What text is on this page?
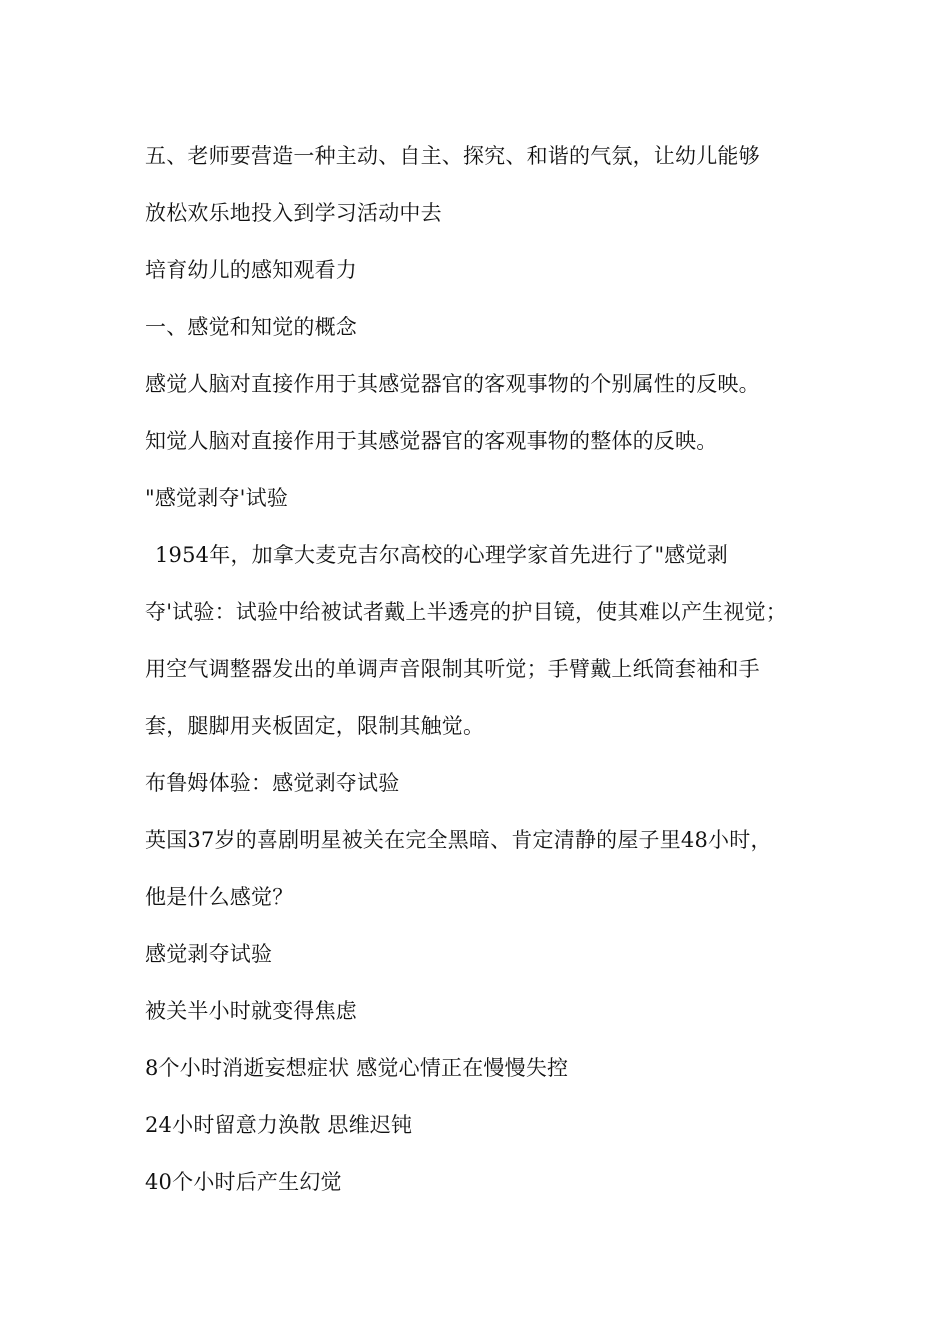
五、老师要营造一种主动、自主、探究、和谐的气氛，让幼儿能够
放松欢乐地投入到学习活动中去
培育幼儿的感知观看力
一、感觉和知觉的概念
感觉人脑对直接作用于其感觉器官的客观事物的个别属性的反映。
知觉人脑对直接作用于其感觉器官的客观事物的整体的反映。
"感觉剥夺'试验
1954年，加拿大麦克吉尔高校的心理学家首先进行了"感觉剥
夺'试验：试验中给被试者戴上半透亮的护目镜，使其难以产生视觉；
用空气调整器发出的单调声音限制其听觉；手臂戴上纸筒套袖和手
套，腿脚用夹板固定，限制其触觉。
布鲁姆体验：感觉剥夺试验
英国37岁的喜剧明星被关在完全黑暗、肯定清静的屋子里48小时，
他是什么感觉？
感觉剥夺试验
被关半小时就变得焦虑
8个小时消逝妄想症状 感觉心情正在慢慢失控
24小时留意力涣散 思维迟钝
40个小时后产生幻觉
